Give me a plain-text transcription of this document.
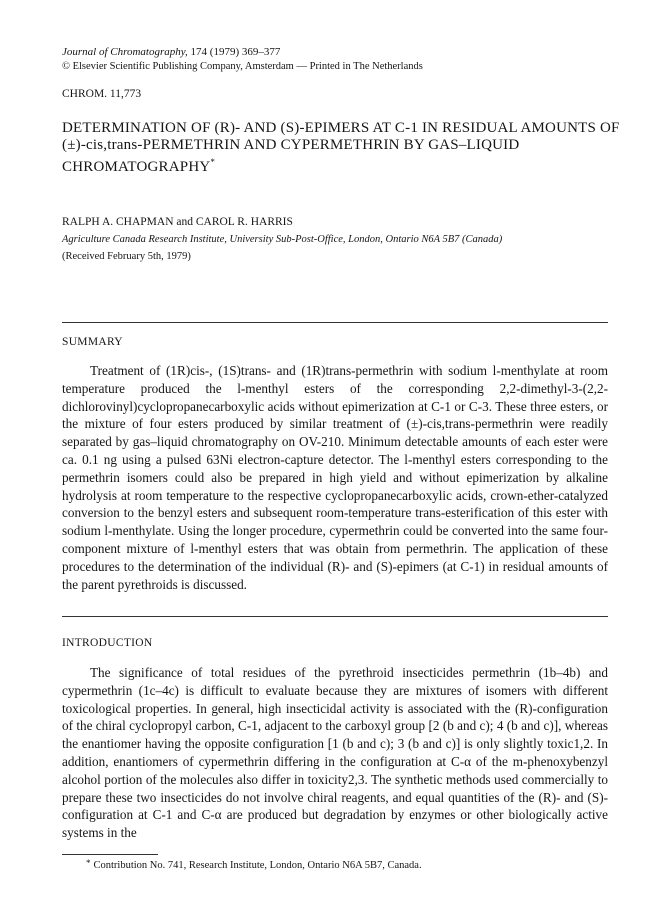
Journal of Chromatography, 174 (1979) 369–377
© Elsevier Scientific Publishing Company, Amsterdam — Printed in The Netherlands
CHROM. 11,773
DETERMINATION OF (R)- AND (S)-EPIMERS AT C-1 IN RESIDUAL AMOUNTS OF (±)-cis,trans-PERMETHRIN AND CYPERMETHRIN BY GAS–LIQUID CHROMATOGRAPHY*
RALPH A. CHAPMAN and CAROL R. HARRIS
Agriculture Canada Research Institute, University Sub-Post-Office, London, Ontario N6A 5B7 (Canada)
(Received February 5th, 1979)
SUMMARY

Treatment of (1R)cis-, (1S)trans- and (1R)trans-permethrin with sodium l-menthylate at room temperature produced the l-menthyl esters of the corresponding 2,2-dimethyl-3-(2,2-dichlorovinyl)cyclopropanecarboxylic acids without epimerization at C-1 or C-3. These three esters, or the mixture of four esters produced by similar treatment of (±)-cis,trans-permethrin were readily separated by gas–liquid chromatography on OV-210. Minimum detectable amounts of each ester were ca. 0.1 ng using a pulsed 63Ni electron-capture detector. The l-menthyl esters corresponding to the permethrin isomers could also be prepared in high yield and without epimerization by alkaline hydrolysis at room temperature to the respective cyclopropanecarboxylic acids, crown-ether-catalyzed conversion to the benzyl esters and subsequent room-temperature trans-esterification of this ester with sodium l-menthylate. Using the longer procedure, cypermethrin could be converted into the same four-component mixture of l-menthyl esters that was obtain from permethrin. The application of these procedures to the determination of the individual (R)- and (S)-epimers (at C-1) in residual amounts of the parent pyrethroids is discussed.

INTRODUCTION

The significance of total residues of the pyrethroid insecticides permethrin (1b–4b) and cypermethrin (1c–4c) is difficult to evaluate because they are mixtures of isomers with different toxicological properties. In general, high insecticidal activity is associated with the (R)-configuration of the chiral cyclopropyl carbon, C-1, adjacent to the carboxyl group [2 (b and c); 4 (b and c)], whereas the enantiomer having the opposite configuration [1 (b and c); 3 (b and c)] is only slightly toxic1,2. In addition, enantiomers of cypermethrin differing in the configuration at C-α of the m-phenoxybenzyl alcohol portion of the molecules also differ in toxicity2,3. The synthetic methods used commercially to prepare these two insecticides do not involve chiral reagents, and equal quantities of the (R)- and (S)-configuration at C-1 and C-α are produced but degradation by enzymes or other biologically active systems in the

* Contribution No. 741, Research Institute, London, Ontario N6A 5B7, Canada.
